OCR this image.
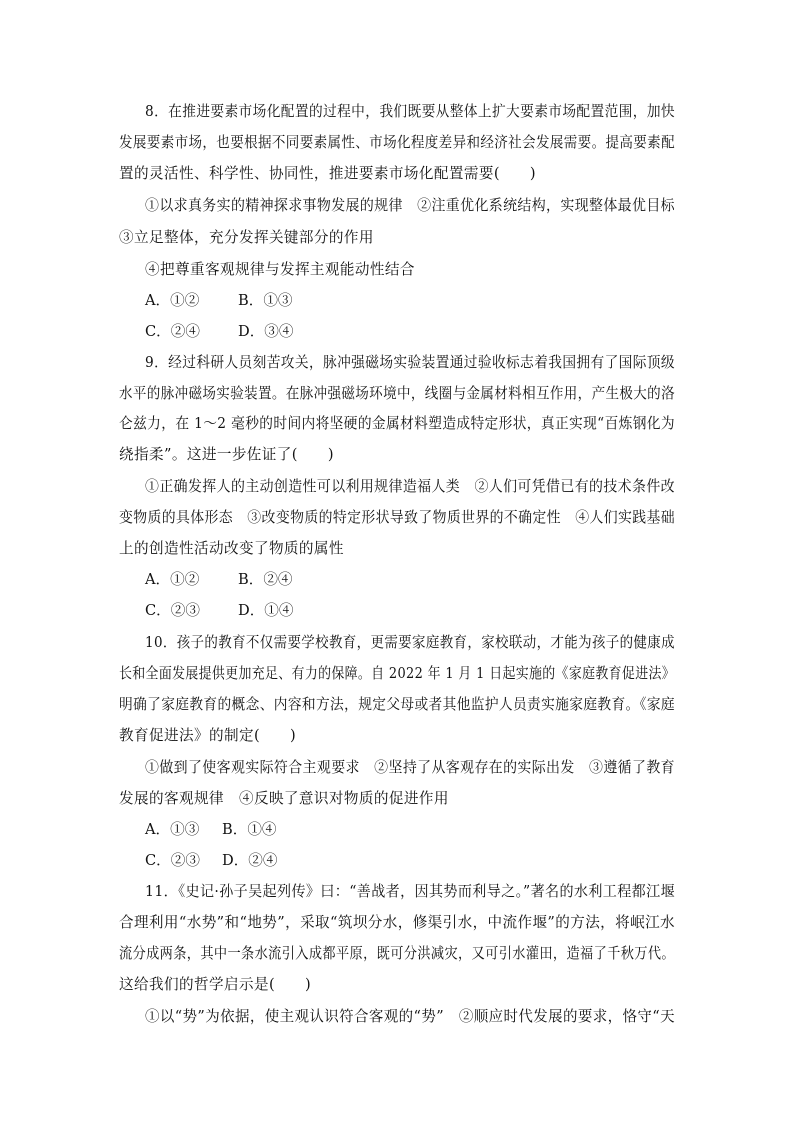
8．在推进要素市场化配置的过程中，我们既要从整体上扩大要素市场配置范围，加快
发展要素市场，也要根据不同要素属性、市场化程度差异和经济社会发展需要。提高要素配
置的灵活性、科学性、协同性，推进要素市场化配置需要(　　)
①以求真务实的精神探求事物发展的规律　②注重优化系统结构，实现整体最优目标
③立足整体，充分发挥关键部分的作用
④把尊重客观规律与发挥主观能动性结合
A．①②	B．①③
C．②④	D．③④
9．经过科研人员刻苦攻关，脉冲强磁场实验装置通过验收标志着我国拥有了国际顶级
水平的脉冲磁场实验装置。在脉冲强磁场环境中，线圈与金属材料相互作用，产生极大的洛
仑兹力，在 1～2 毫秒的时间内将坚硬的金属材料塑造成特定形状，真正实现“百炼钢化为
绕指柔”。这进一步佐证了(　　)
①正确发挥人的主动创造性可以利用规律造福人类　②人们可凭借已有的技术条件改
变物质的具体形态　③改变物质的特定形状导致了物质世界的不确定性　④人们实践基础
上的创造性活动改变了物质的属性
A．①②	B．②④
C．②③	D．①④
10．孩子的教育不仅需要学校教育，更需要家庭教育，家校联动，才能为孩子的健康成
长和全面发展提供更加充足、有力的保障。自 2022 年 1 月 1 日起实施的《家庭教育促进法》
明确了家庭教育的概念、内容和方法，规定父母或者其他监护人员责实施家庭教育。《家庭
教育促进法》的制定(　　)
①做到了使客观实际符合主观要求　②坚持了从客观存在的实际出发　③遵循了教育
发展的客观规律　④反映了意识对物质的促进作用
A．①③ B．①④
C．②③ D．②④
11．《史记·孙子吴起列传》曰：“善战者，因其势而利导之。”著名的水利工程都江堰
合理利用“水势”和“地势”，采取“筑坝分水，修渠引水，中流作堰”的方法，将岷江水
流分成两条，其中一条水流引入成都平原，既可分洪减灾，又可引水灌田，造福了千秋万代。
这给我们的哲学启示是(　　)
①以“势”为依据，使主观认识符合客观的“势”　②顺应时代发展的要求，恪守“天
